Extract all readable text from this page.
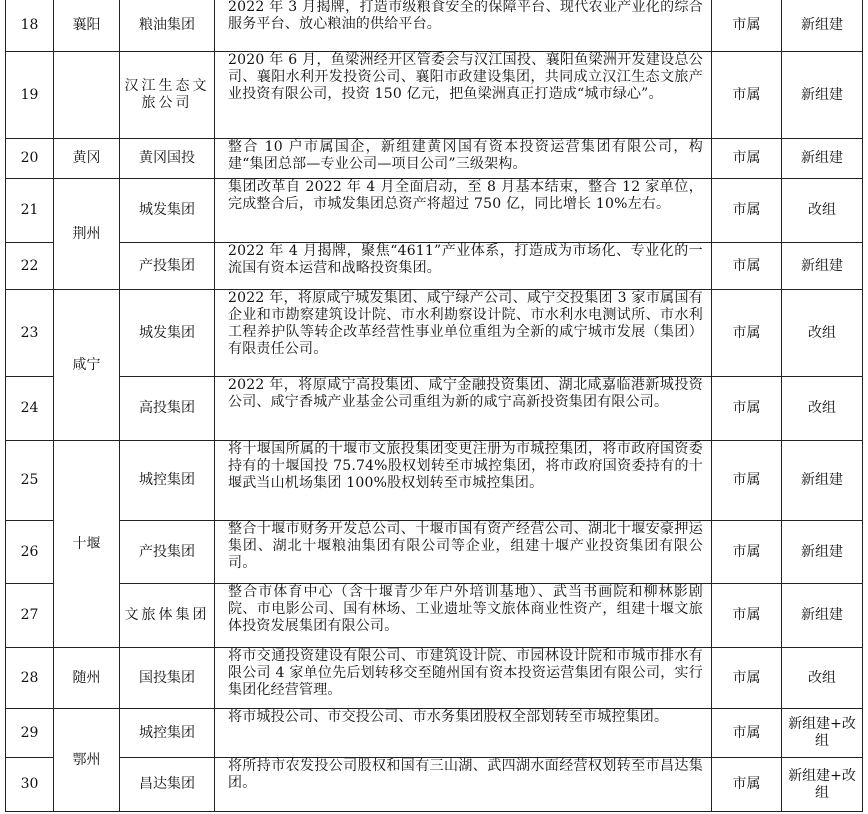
18	襄阳	粮油集团	2022 年 3 月揭牌，打造市级粮食安全的保障平台、现代农业产业化的综合服务平台、放心粮油的供给平台。	市属	新组建
19		汉江生态文旅公司	2020 年 6 月，鱼梁洲经开区管委会与汉江国投、襄阳鱼梁洲开发建设总公司、襄阳水利开发投资公司、襄阳市政建设集团，共同成立汉江生态文旅产业投资有限公司，投资 150 亿元，把鱼梁洲真正打造成“城市绿心”。	市属	新组建
20	黄冈	黄冈国投	整合 10 户市属国企，新组建黄冈国有资本投资运营集团有限公司，构建“集团总部—专业公司—项目公司”三级架构。	市属	新组建
21	荆州	城发集团	集团改革自 2022 年 4 月全面启动，至 8 月基本结束，整合 12 家单位，完成整合后，市城发集团总资产将超过 750 亿，同比增长 10%左右。	市属	改组
22		产投集团	2022 年 4 月揭牌，聚焦“4611”产业体系，打造成为市场化、专业化的一流国有资本运营和战略投资集团。	市属	新组建
23	咸宁	城发集团	2022 年，将原咸宁城发集团、咸宁绿产公司、咸宁交投集团 3 家市属国有企业和市勘察建筑设计院、市水利勘察设计院、市水利水电测试所、市水利工程养护队等转企改革经营性事业单位重组为全新的咸宁城市发展（集团）有限责任公司。	市属	改组
24		高投集团	2022 年，将原咸宁高投集团、咸宁金融投资集团、湖北咸嘉临港新城投资公司、咸宁香城产业基金公司重组为新的咸宁高新投资集团有限公司。	市属	改组
25	十堰	城控集团	将十堰国所属的十堰市文旅投集团变更注册为市城控集团，将市政府国资委持有的十堰国投 75.74%股权划转至市城控集团，将市政府国资委持有的十堰武当山机场集团 100%股权划转至市城控集团。	市属	新组建
26		产投集团	整合十堰市财务开发总公司、十堰市国有资产经营公司、湖北十堰安豪押运集团、湖北十堰粮油集团有限公司等企业，组建十堰产业投资集团有限公司。	市属	新组建
27		文旅体集团	整合市体育中心（含十堰青少年户外培训基地）、武当书画院和柳林影剧院、市电影公司、国有林场、工业遗址等文旅体商业性资产，组建十堰文旅体投资发展集团有限公司。	市属	新组建
28	随州	国投集团	将市交通投资建设有限公司、市建筑设计院、市园林设计院和市城市排水有限公司 4 家单位先后划转移交至随州国有资本投资运营集团有限公司，实行集团化经营管理。	市属	改组
29	鄂州	城控集团	将市城投公司、市交投公司、市水务集团股权全部划转至市城控集团。	市属	新组建+改组
30		昌达集团	将所持市农发投公司股权和国有三山湖、武四湖水面经营权划转至市昌达集团。	市属	新组建+改组
